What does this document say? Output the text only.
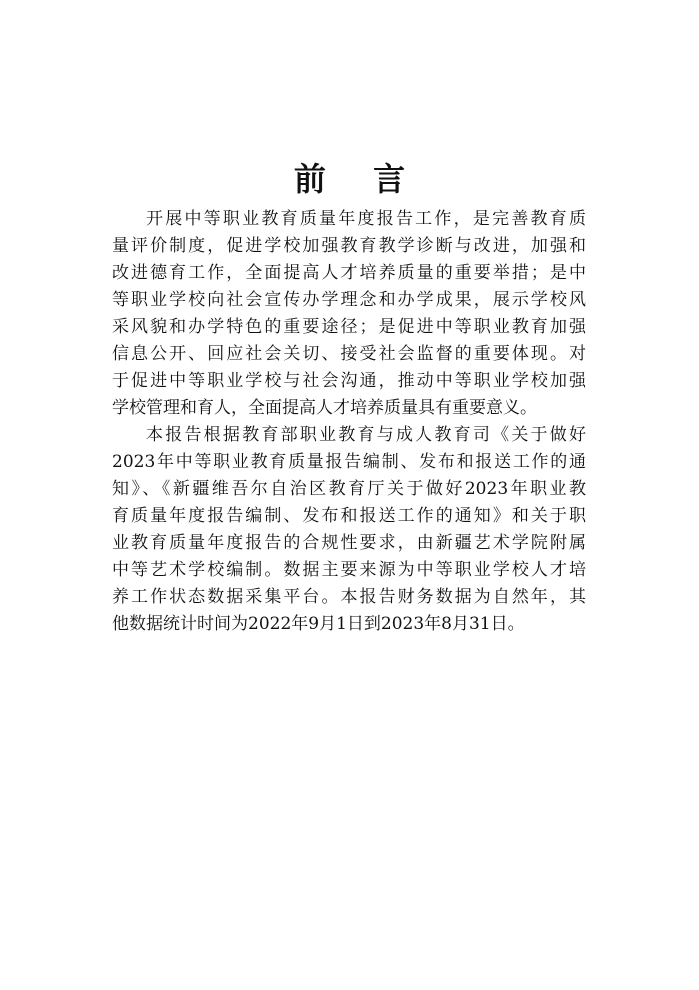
前 言

开展中等职业教育质量年度报告工作，是完善教育质
量评价制度，促进学校加强教育教学诊断与改进，加强和
改进德育工作，全面提高人才培养质量的重要举措；是中
等职业学校向社会宣传办学理念和办学成果，展示学校风
采风貌和办学特色的重要途径；是促进中等职业教育加强
信息公开、回应社会关切、接受社会监督的重要体现。对
于促进中等职业学校与社会沟通，推动中等职业学校加强
学校管理和育人，全面提高人才培养质量具有重要意义。

本报告根据教育部职业教育与成人教育司《关于做好
2023年中等职业教育质量报告编制、发布和报送工作的通
知》、《新疆维吾尔自治区教育厅关于做好2023年职业教
育质量年度报告编制、发布和报送工作的通知》和关于职
业教育质量年度报告的合规性要求，由新疆艺术学院附属
中等艺术学校编制。数据主要来源为中等职业学校人才培
养工作状态数据采集平台。本报告财务数据为自然年，其
他数据统计时间为2022年9月1日到2023年8月31日。
